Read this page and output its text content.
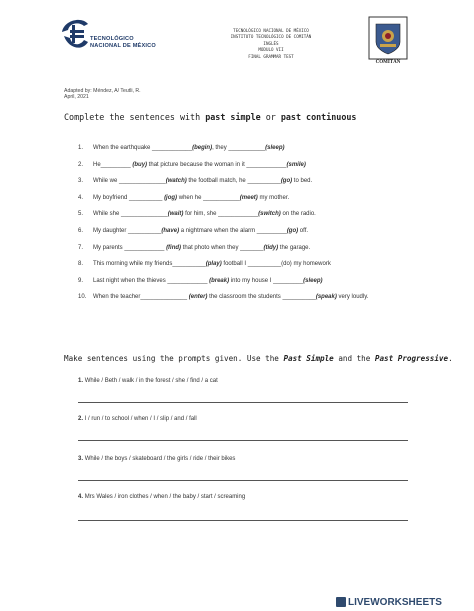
TECNOLÓGICO
NACIONAL DE MÉXICO
TECNOLÓGICO NACIONAL DE MÉXICO
INSTITUTO TECNOLÓGICO DE COMITÁN
INGLÉS
MODULO VII
FINAL GRAMMAR TEST
COMITÁN
Adapted by: Méndez, A/ Teutli, R.
April, 2021
Complete the sentences with past simple or past continuous
1.	When the earthquake ____________(begin), they ___________(sleep)
2.	He_________ (buy) that picture because the woman in it ____________(smile)
3.	While we ______________(watch) the football match, he __________(go) to bed.
4.	My boyfriend __________ (jog) when he ___________(meet) my mother.
5.	While she ______________(wait) for him, she ____________(switch) on the radio.
6.	My daughter __________(have) a nightmare when the alarm _________(go) off.
7.	My parents ____________ (find) that photo when they _______(tidy) the garage.
8.	This morning while my friends__________(play) football I __________(do) my homework
9.	Last night when the thieves ____________ (break) into my house I _________(sleep)
10.	When the teacher______________ (enter) the classroom the students __________(speak) very loudly.
Make sentences using the prompts given. Use the Past Simple and the Past Progressive.
1. While / Beth / walk / in the forest / she / find / a cat
2. I / run / to school / when / I / slip / and / fall
3. While / the boys / skateboard / the girls / ride / their bikes
4. Mrs Wales / iron clothes / when / the baby / start / screaming
LIVEWORKSHEETS
